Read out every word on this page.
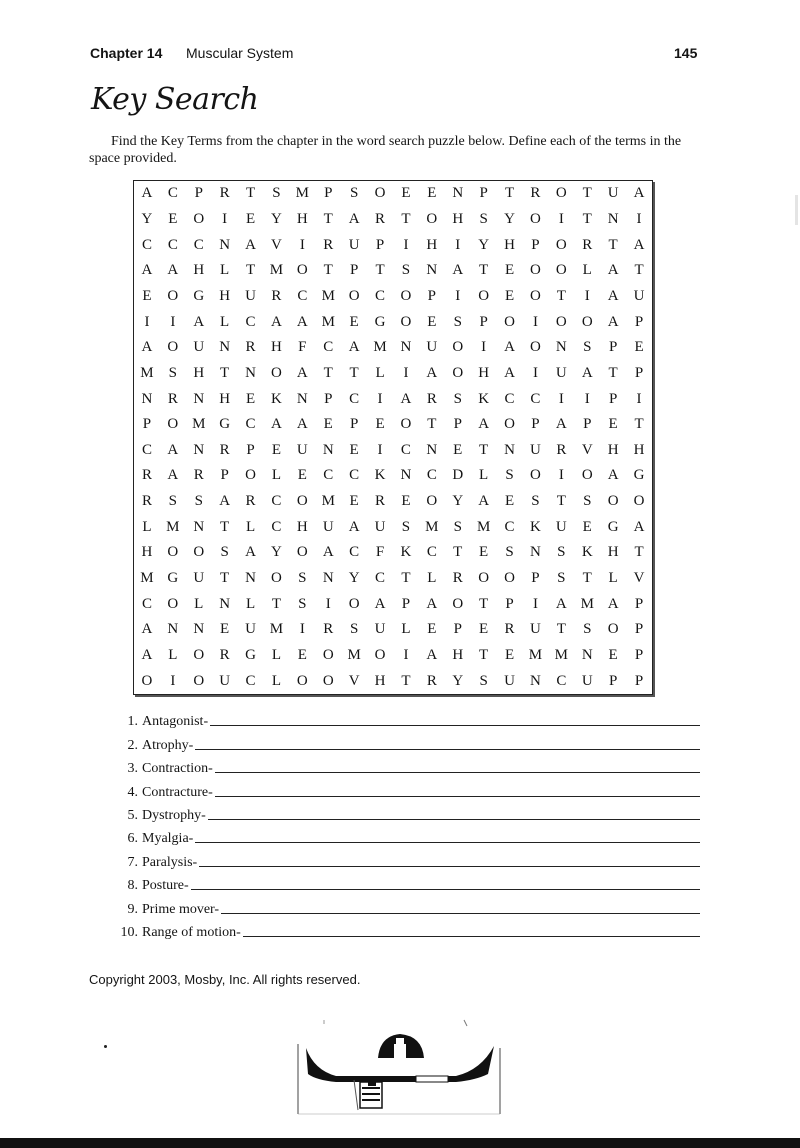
Chapter 14 Muscular System	145
Key Search
Find the Key Terms from the chapter in the word search puzzle below. Define each of the terms in the space provided.
A	C	P	R	T	S	M	P	S	O	E	E	N	P	T	R	O	T	U	A
Y	E	O	I	E	Y	H	T	A	R	T	O	H	S	Y	O	I	T	N	I
C	C	C	N	A	V	I	R	U	P	I	H	I	Y	H	P	O	R	T	A
A	A	H	L	T M O	T	P	T	S	N	A	T	E	O	O	L	A	T
E	O	G	H	U	R	C M O	C	O	P	I	O	E	O	T	I	A	U
I	I	A	L	C	A	A M E	G	O	E	S	P	O	I	O	O	A	P
A	O	U	N	R	H	F	C	A M N	U	O	I	A	O	N	S	P	E
M	S	H	T	N	O	A	T	T	L	I	A	O	H	A	I	U	A	T	P
N	R	N	H	E	K	N	P	C	I	A	R	S	K	C	C	I	I	P	I
P	O M G	C	A	A	E	P	E	O	T	P	A	O	P	A	P	E	T
C	A	N	R	P	E	U	N	E	I	C	N	E	T	N	U	R	V	H	H
R	A	R	P	O	L	E	C	C	K	N	C	D	L	S	O	I	O	A	G
R	S	S	A	R	C	O M E	R	E	O	Y	A	E	S	T	S	O	O
L M N	T	L	C	H	U	A	U	S	M	S	M C	K	U	E	G	A
H	O	O	S	A	Y	O	A	C	F	K	C	T	E	S	N	S	K	H	T
M G	U	T	N	O	S	N	Y	C	T	L	R	O	O	P	S	T	L	V
C	O	L	N	L	T	S	I	O	A	P	A	O	T	P	I	A M A	P
A	N	N	E	U M	I	R	S	U	L	E	P	E	R	U	T	S	O	P
A	L	O	R	G	L	E	O M O	I	A	H	T	E M M N	E	P
O	I	O	U	C	L	O	O	V	H	T	R	Y	S	U	N	C	U	P	P
1. Antagonist-
2. Atrophy-
3. Contraction-
4. Contracture-
5. Dystrophy-
6. Myalgia-
7. Paralysis-
8. Posture-
9. Prime mover-
10. Range of motion-
Copyright 2003, Mosby, Inc. All rights reserved.
